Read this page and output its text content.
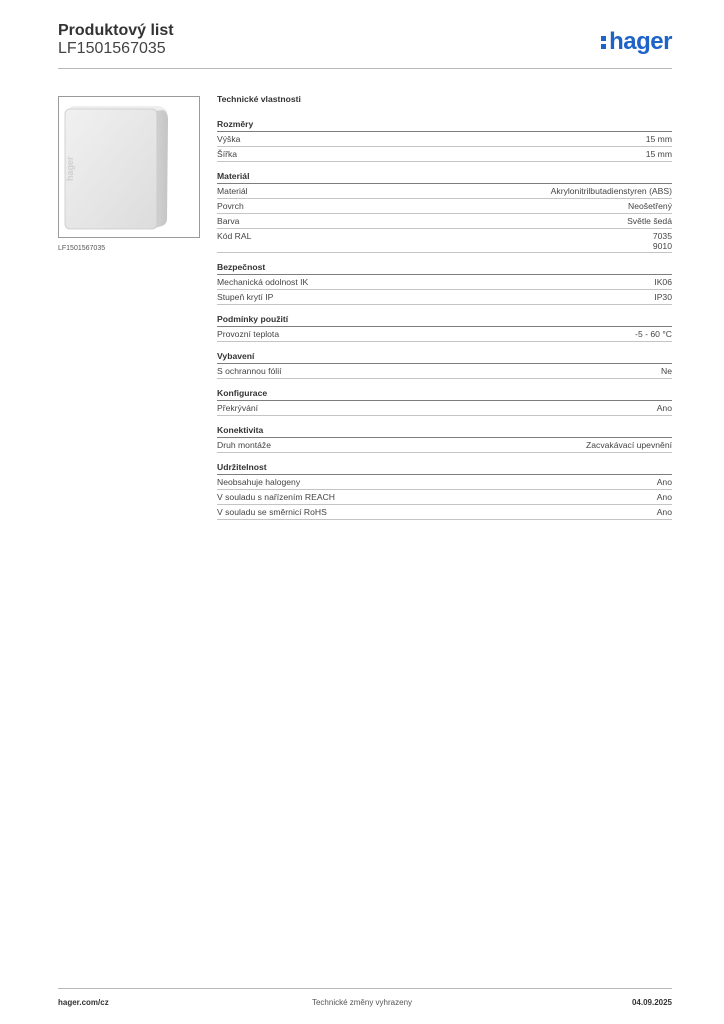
Produktový list
LF1501567035	hager
hager
LF1501567035
Technické vlastnosti
Rozměry
Výška	15 mm
Šířka	15 mm
Materiál
Materiál	Akrylonitrilbutadienstyren (ABS)
Povrch	Neošetřený
Barva	Světle šedá
Kód RAL	7035
9010
Bezpečnost
Mechanická odolnost IK	IK06
Stupeň krytí IP	IP30
Podmínky použití
Provozní teplota	-5 - 60 °C
Vybavení
S ochrannou fólií	Ne
Konfigurace
Překrývání	Ano
Konektivita
Druh montáže	Zacvakávací upevnění
Udržitelnost
Neobsahuje halogeny	Ano
V souladu s nařízením REACH	Ano
V souladu se směrnicí RoHS	Ano
hager.com/cz	Technické změny vyhrazeny	04.09.2025
